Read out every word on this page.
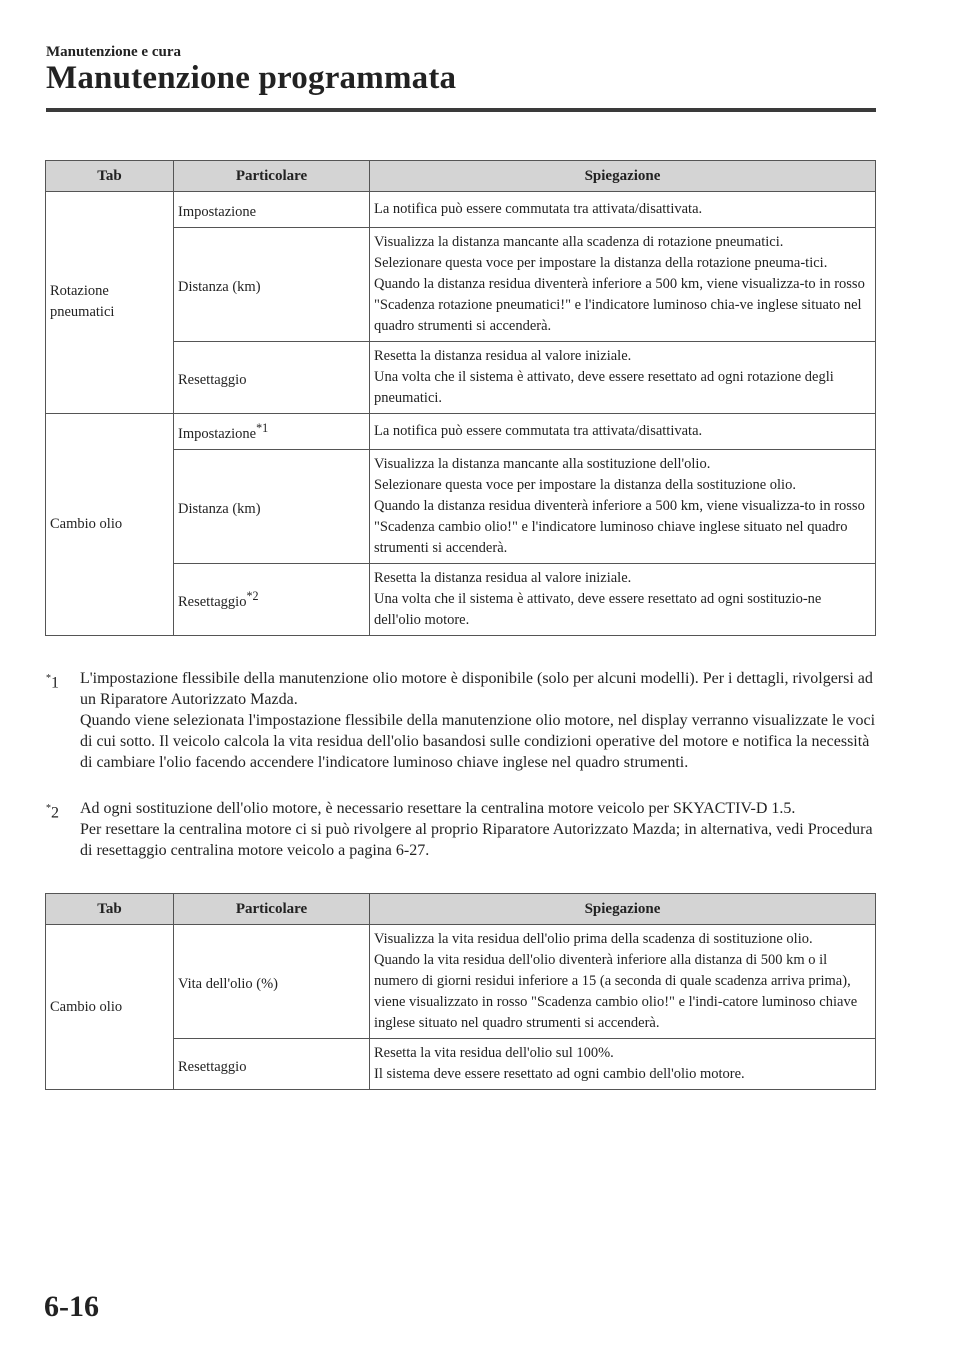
Manutenzione e cura
Manutenzione programmata
Tab	Particolare	Spiegazione
Rotazione pneumatici	Impostazione	La notifica può essere commutata tra attivata/disattivata.

	Distanza (km)	Visualizza la distanza mancante alla scadenza di rotazione pneumatici.

Selezionare questa voce per impostare la distanza della rotazione pneuma-tici.

Quando la distanza residua diventerà inferiore a 500 km, viene visualizza-to in rosso "Scadenza rotazione pneumatici!" e l'indicatore luminoso chia-ve inglese situato nel quadro strumenti si accenderà.

	Resettaggio	Resetta la distanza residua al valore iniziale.

Una volta che il sistema è attivato, deve essere resettato ad ogni rotazione degli pneumatici.

Cambio olio	Impostazione$^{*1}$	La notifica può essere commutata tra attivata/disattivata.

	Distanza (km)	Visualizza la distanza mancante alla sostituzione dell'olio.

Selezionare questa voce per impostare la distanza della sostituzione olio.

Quando la distanza residua diventerà inferiore a 500 km, viene visualizza-to in rosso "Scadenza cambio olio!" e l'indicatore luminoso chiave inglese situato nel quadro strumenti si accenderà.

	Resettaggio$^{*2}$	Resetta la distanza residua al valore iniziale.

Una volta che il sistema è attivato, deve essere resettato ad ogni sostituzio-ne dell'olio motore.

*1 L'impostazione flessibile della manutenzione olio motore è disponibile (solo per alcuni modelli). Per i dettagli, rivolgersi ad un Riparatore Autorizzato Mazda.

Quando viene selezionata l'impostazione flessibile della manutenzione olio motore, nel display verranno visualizzate le voci di cui sotto. Il veicolo calcola la vita residua dell'olio basandosi sulle condizioni operative del motore e notifica la necessità di cambiare l'olio facendo accendere l'indicatore luminoso chiave inglese nel quadro strumenti.

*2 Ad ogni sostituzione dell'olio motore, è necessario resettare la centralina motore veicolo per SKYACTIV-D 1.5.

Per resettare la centralina motore ci si può rivolgere al proprio Riparatore Autorizzato Mazda; in alternativa, vedi Procedura di resettaggio centralina motore veicolo a pagina 6-27.

Tab	Particolare	Spiegazione
Cambio olio	Vita dell'olio (%)	Visualizza la vita residua dell'olio prima della scadenza di sostituzione olio.

Quando la vita residua dell'olio diventerà inferiore alla distanza di 500 km o il numero di giorni residui inferiore a 15 (a seconda di quale scadenza arriva prima), viene visualizzato in rosso "Scadenza cambio olio!" e l'indi-catore luminoso chiave inglese situato nel quadro strumenti si accenderà.

	Resettaggio	Resetta la vita residua dell'olio sul 100%.

Il sistema deve essere resettato ad ogni cambio dell'olio motore.

6-16
